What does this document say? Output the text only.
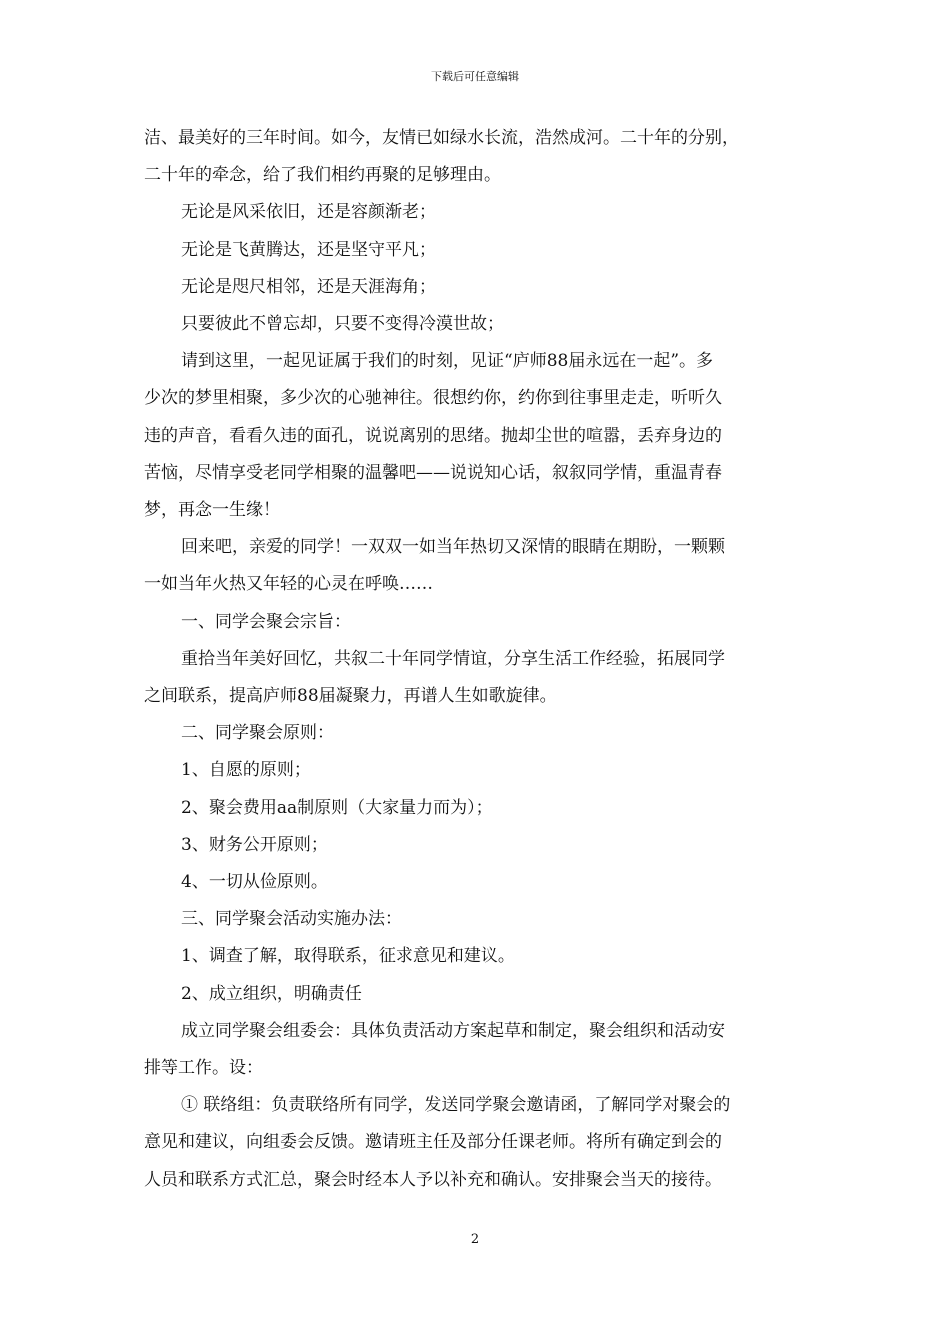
下载后可任意编辑

洁、最美好的三年时间。如今，友情已如绿水长流，浩然成河。二十年的分别，

二十年的牵念，给了我们相约再聚的足够理由。

无论是风采依旧，还是容颜渐老；

无论是飞黄腾达，还是坚守平凡；

无论是咫尺相邻，还是天涯海角；

只要彼此不曾忘却，只要不变得冷漠世故；

请到这里，一起见证属于我们的时刻，见证“庐师88届永远在一起”。多

少次的梦里相聚，多少次的心驰神往。很想约你，约你到往事里走走，听听久

违的声音，看看久违的面孔，说说离别的思绪。抛却尘世的喧嚣，丢弃身边的

苦恼，尽情享受老同学相聚的温馨吧——说说知心话，叙叙同学情，重温青春

梦，再念一生缘！

回来吧，亲爱的同学！一双双一如当年热切又深情的眼睛在期盼，一颗颗

一如当年火热又年轻的心灵在呼唤……

一、同学会聚会宗旨：

重拾当年美好回忆，共叙二十年同学情谊，分享生活工作经验，拓展同学

之间联系，提高庐师88届凝聚力，再谱人生如歌旋律。

二、同学聚会原则：

1、自愿的原则；

2、聚会费用aa制原则（大家量力而为）；

3、财务公开原则；

4、一切从俭原则。

三、同学聚会活动实施办法：

1、调查了解，取得联系，征求意见和建议。

2、成立组织，明确责任

成立同学聚会组委会：具体负责活动方案起草和制定，聚会组织和活动安

排等工作。设：

① 联络组：负责联络所有同学，发送同学聚会邀请函，了解同学对聚会的

意见和建议，向组委会反馈。邀请班主任及部分任课老师。将所有确定到会的

人员和联系方式汇总，聚会时经本人予以补充和确认。安排聚会当天的接待。

2
